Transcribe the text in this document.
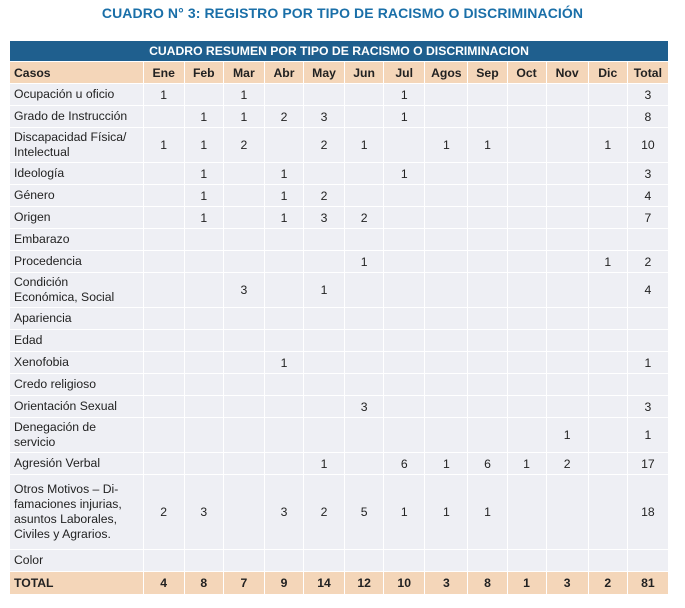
CUADRO N° 3: REGISTRO POR TIPO DE RACISMO O DISCRIMINACIÓN
CUADRO RESUMEN POR TIPO DE RACISMO O DISCRIMINACION													
Casos	Ene	Feb	Mar	Abr	May	Jun	Jul	Agos	Sep	Oct	Nov	Dic	Total
Ocupación u oficio	1		1				1						3
Grado de Instrucción		1	1	2	3		1						8
Discapacidad Física/
Intelectual	1	1	2		2	1		1	1			1	10
Ideología		1		1			1						3
Género		1		1	2								4
Origen		1		1	3	2							7
Embarazo													
Procedencia						1						1	2
Condición
Económica, Social			3		1								4
Apariencia													
Edad													
Xenofobia				1									1
Credo religioso													
Orientación Sexual						3							3
Denegación de
servicio											1		1
Agresión Verbal					1		6	1	6	1	2		17
Otros Motivos – Di-
famaciones injurias,
asuntos Laborales,
Civiles y Agrarios.	2	3		3	2	5	1	1	1				18
Color													
TOTAL	4	8	7	9	14	12	10	3	8	1	3	2	81
